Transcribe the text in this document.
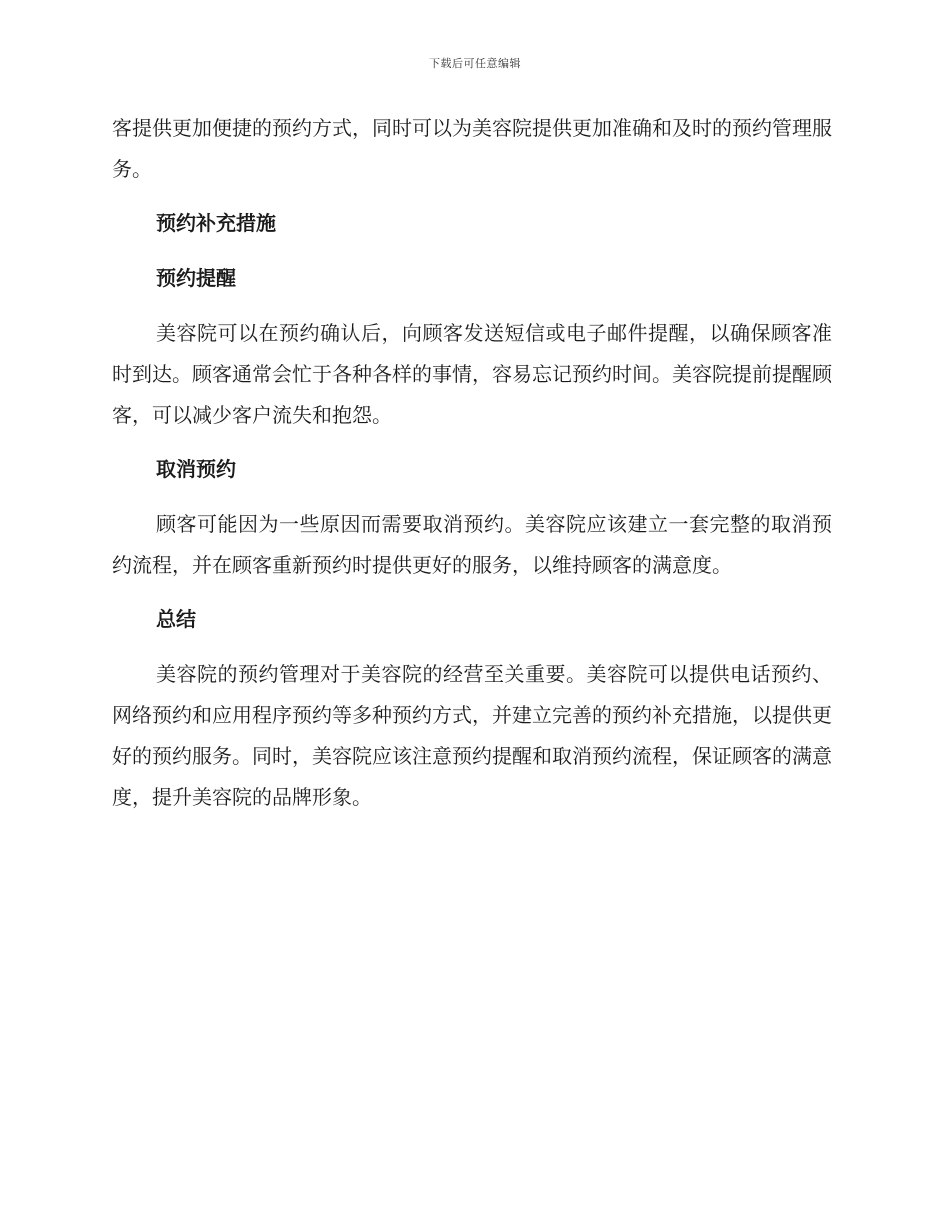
下载后可任意编辑

客提供更加便捷的预约方式，同时可以为美容院提供更加准确和及时的预约管理服务。

预约补充措施
预约提醒

美容院可以在预约确认后，向顾客发送短信或电子邮件提醒，以确保顾客准时到达。顾客通常会忙于各种各样的事情，容易忘记预约时间。美容院提前提醒顾客，可以减少客户流失和抱怨。

取消预约

顾客可能因为一些原因而需要取消预约。美容院应该建立一套完整的取消预约流程，并在顾客重新预约时提供更好的服务，以维持顾客的满意度。

总结

美容院的预约管理对于美容院的经营至关重要。美容院可以提供电话预约、网络预约和应用程序预约等多种预约方式，并建立完善的预约补充措施，以提供更好的预约服务。同时，美容院应该注意预约提醒和取消预约流程，保证顾客的满意度，提升美容院的品牌形象。
